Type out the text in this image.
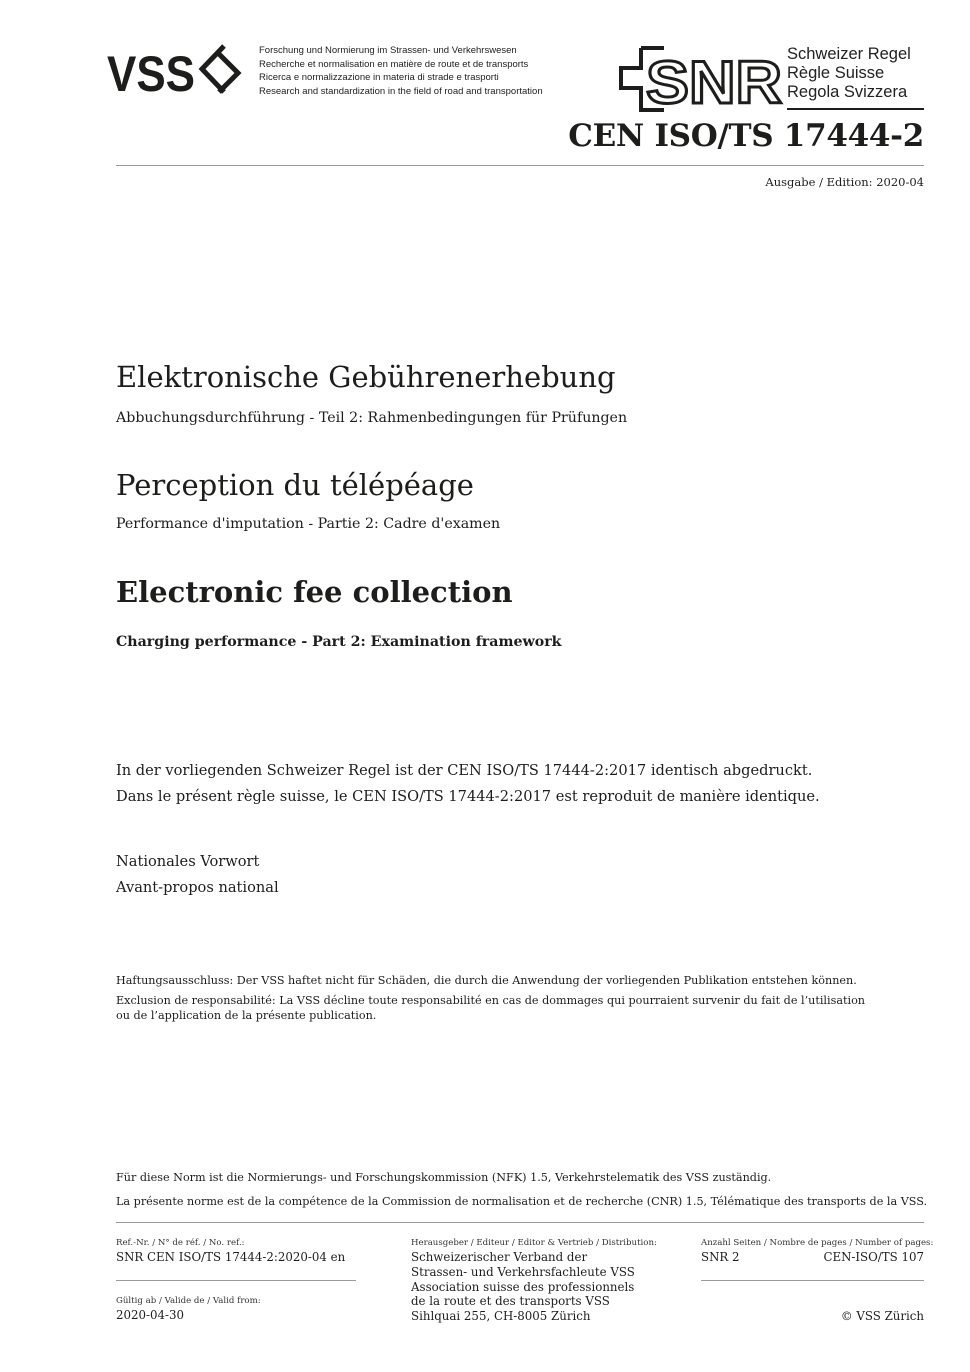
VSS	Forschung und Normierung im Strassen- und Verkehrswesen
Recherche et normalisation en matière de route et de transports
Ricerca e normalizzazione in materia di strade e trasporti
Research and standardization in the field of road and transportation SNR Schweizer Regel
Règle Suisse
Regola Svizzera
CEN ISO/TS 17444-2
Ausgabe / Edition: 2020-04
Elektronische Gebührenerhebung
Abbuchungsdurchführung - Teil 2: Rahmenbedingungen für Prüfungen
Perception du télépéage
Performance d'imputation - Partie 2: Cadre d'examen
Electronic fee collection
Charging performance - Part 2: Examination framework
In der vorliegenden Schweizer Regel ist der CEN ISO/TS 17444-2:2017 identisch abgedruckt.
Dans le présent règle suisse, le CEN ISO/TS 17444-2:2017 est reproduit de manière identique.
Nationales Vorwort
Avant-propos national
Haftungsausschluss: Der VSS haftet nicht für Schäden, die durch die Anwendung der vorliegenden Publikation entstehen können.
Exclusion de responsabilité: La VSS décline toute responsabilité en cas de dommages qui pourraient survenir du fait de l’utilisation
ou de l’application de la présente publication.
Für diese Norm ist die Normierungs- und Forschungskommission (NFK) 1.5, Verkehrstelematik des VSS zuständig.
La présente norme est de la compétence de la Commission de normalisation et de recherche (CNR) 1.5, Télématique des transports de la VSS.
Ref.-Nr. / N° de réf. / No. ref.:
SNR CEN ISO/TS 17444-2:2020-04 en
Gültig ab / Valide de / Valid from:
2020-04-30
Herausgeber / Editeur / Editor & Vertrieb / Distribution:
Schweizerischer Verband der
Strassen- und Verkehrsfachleute VSS
Association suisse des professionnels
de la route et des transports VSS
Sihlquai 255, CH-8005 Zürich
Anzahl Seiten / Nombre de pages / Number of pages:
SNR 2	CEN-ISO/TS 107
© VSS Zürich
